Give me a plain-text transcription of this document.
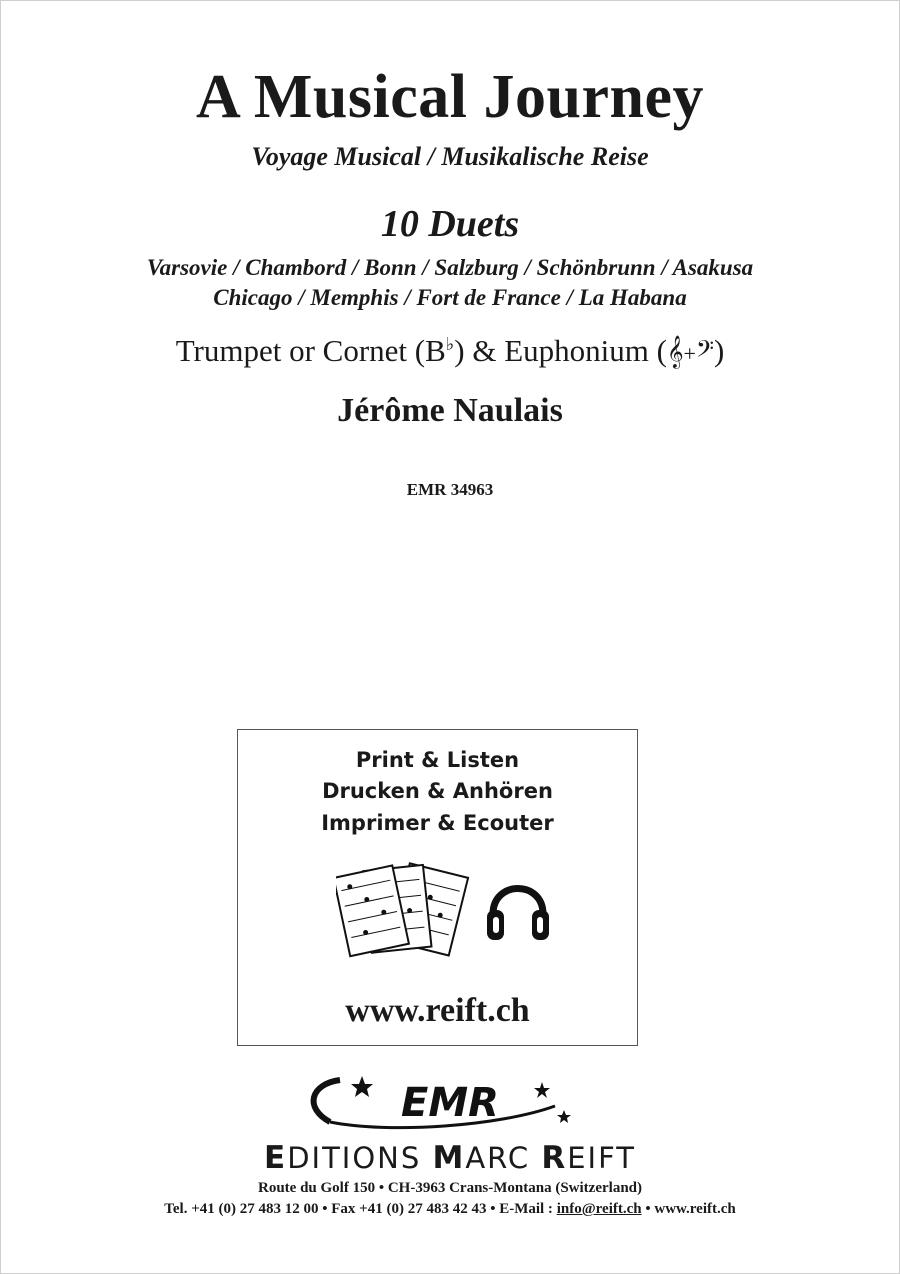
A Musical Journey
Voyage Musical / Musikalische Reise
10 Duets
Varsovie / Chambord / Bonn / Salzburg / Schönbrunn / Asakusa
Chicago / Memphis / Fort de France / La Habana
Trumpet or Cornet (B♭) & Euphonium (𝄞+𝄢)
Jérôme Naulais
EMR 34963
Print & Listen
Drucken & Anhören
Imprimer & Ecouter
www.reift.ch
EMR
EDITIONS MARC REIFT
Route du Golf 150 • CH-3963 Crans-Montana (Switzerland)
Tel. +41 (0) 27 483 12 00 • Fax +41 (0) 27 483 42 43 • E-Mail : info@reift.ch • www.reift.ch
